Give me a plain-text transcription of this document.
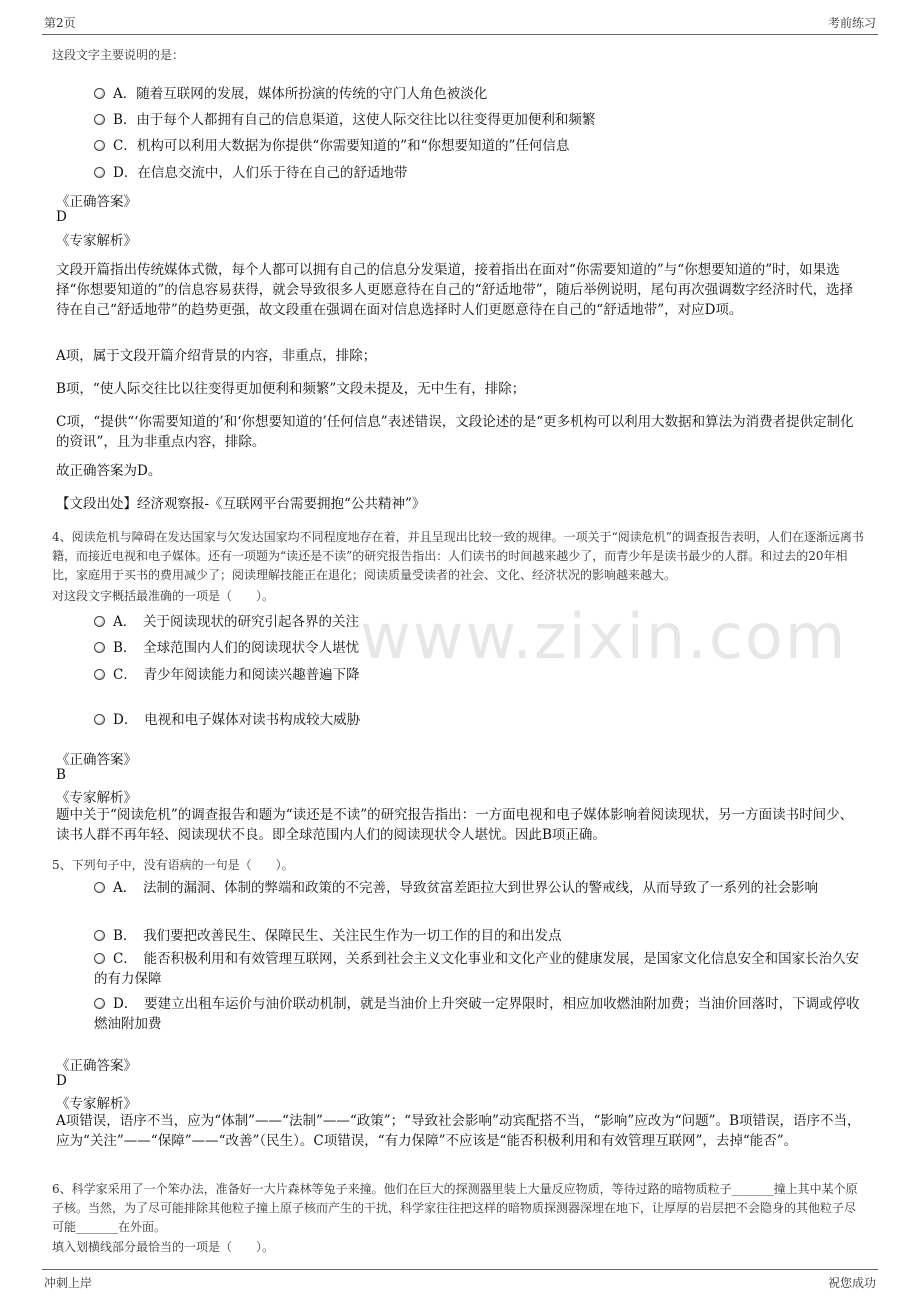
第2页	考前练习
www.zixin.com
这段文字主要说明的是：
A．随着互联网的发展，媒体所扮演的传统的守门人角色被淡化
B．由于每个人都拥有自己的信息渠道，这使人际交往比以往变得更加便利和频繁
C．机构可以利用大数据为你提供“你需要知道的”和“你想要知道的”任何信息
D．在信息交流中，人们乐于待在自己的舒适地带
《正确答案》
D
《专家解析》
文段开篇指出传统媒体式微，每个人都可以拥有自己的信息分发渠道，接着指出在面对“你需要知道的”与“你想要知道的”时，如果选择“你想要知道的”的信息容易获得，就会导致很多人更愿意待在自己的“舒适地带”，随后举例说明，尾句再次强调数字经济时代，选择待在自己“舒适地带”的趋势更强，故文段重在强调在面对信息选择时人们更愿意待在自己的“舒适地带”，对应D项。
A项，属于文段开篇介绍背景的内容，非重点，排除；
B项，“使人际交往比以往变得更加便利和频繁”文段未提及，无中生有，排除；
C项，“提供“‘你需要知道的’和‘你想要知道的’任何信息”表述错误，文段论述的是“更多机构可以利用大数据和算法为消费者提供定制化的资讯”，且为非重点内容，排除。
故正确答案为D。
【文段出处】经济观察报-《互联网平台需要拥抱“公共精神”》
4、阅读危机与障碍在发达国家与欠发达国家均不同程度地存在着，并且呈现出比较一致的规律。一项关于“阅读危机”的调查报告表明，人们在逐渐远离书籍，而接近电视和电子媒体。还有一项题为“读还是不读”的研究报告指出：人们读书的时间越来越少了，而青少年是读书最少的人群。和过去的20年相比，家庭用于买书的费用减少了；阅读理解技能正在退化；阅读质量受读者的社会、文化、经济状况的影响越来越大。
对这段文字概括最准确的一项是（　　）。
A．　关于阅读现状的研究引起各界的关注
B．　全球范围内人们的阅读现状令人堪忧
C．　青少年阅读能力和阅读兴趣普遍下降
D．　电视和电子媒体对读书构成较大威胁
《正确答案》
B
《专家解析》
题中关于“阅读危机”的调查报告和题为“读还是不读”的研究报告指出：一方面电视和电子媒体影响着阅读现状，另一方面读书时间少、读书人群不再年轻、阅读现状不良。即全球范围内人们的阅读现状令人堪忧。因此B项正确。
5、下列句子中，没有语病的一句是（　　）。
A．　法制的漏洞、体制的弊端和政策的不完善，导致贫富差距拉大到世界公认的警戒线，从而导致了一系列的社会影响
B．　我们要把改善民生、保障民生、关注民生作为一切工作的目的和出发点
C．　能否积极利用和有效管理互联网，关系到社会主义文化事业和文化产业的健康发展，是国家文化信息安全和国家长治久安的有力保障
D．　要建立出租车运价与油价联动机制，就是当油价上升突破一定界限时，相应加收燃油附加费；当油价回落时，下调或停收燃油附加费
《正确答案》
D
《专家解析》
A项错误，语序不当，应为“体制”——“法制”——“政策”；“导致社会影响”动宾配搭不当，“影响”应改为“问题”。B项错误，语序不当，应为“关注”——“保障”——“改善”（民生）。C项错误，“有力保障”不应该是“能否积极利用和有效管理互联网”，去掉“能否”。
6、科学家采用了一个笨办法，准备好一大片森林等兔子来撞。他们在巨大的探测器里装上大量反应物质，等待过路的暗物质粒子_______撞上其中某个原子核。当然，为了尽可能排除其他粒子撞上原子核而产生的干扰，科学家往往把这样的暗物质探测器深埋在地下，让厚厚的岩层把不会隐身的其他粒子尽可能_______在外面。
填入划横线部分最恰当的一项是（　　）。
冲刺上岸	祝您成功
